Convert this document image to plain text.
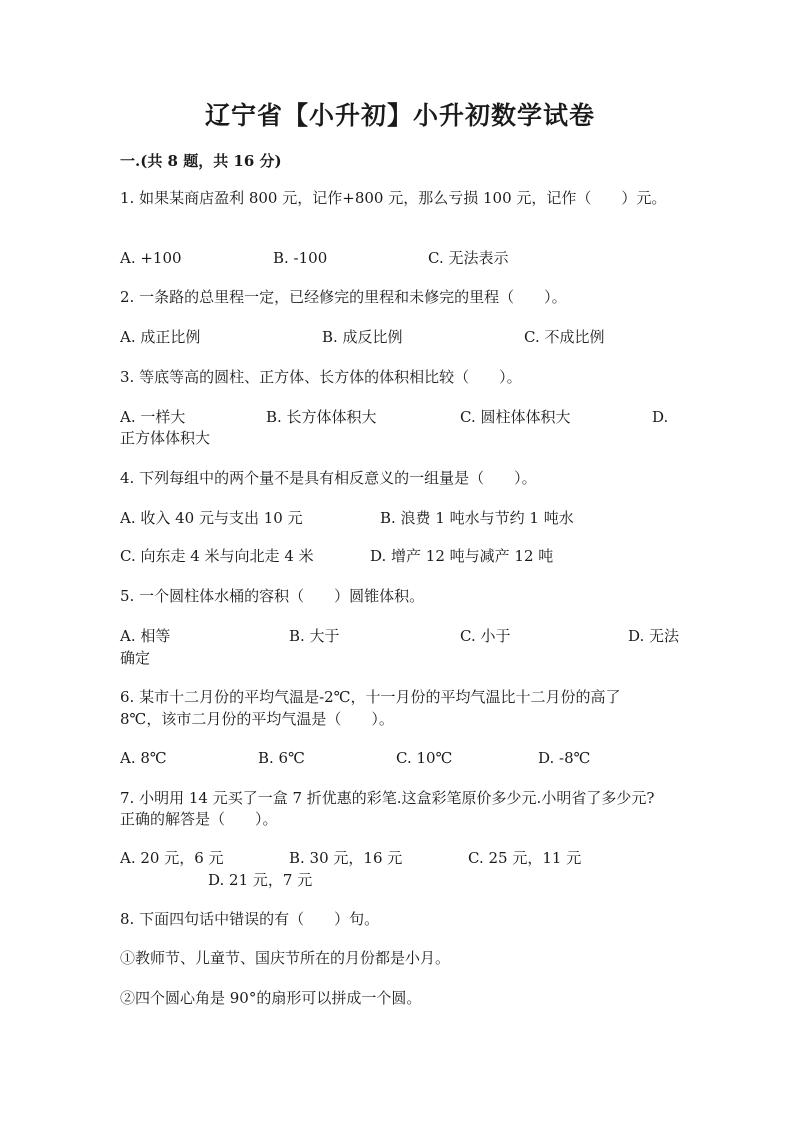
辽宁省【小升初】小升初数学试卷
一.(共 8 题，共 16 分)
1. 如果某商店盈利 800 元，记作+800 元，那么亏损 100 元，记作（　　）元。
A. +100	B. -100	C. 无法表示
2. 一条路的总里程一定，已经修完的里程和未修完的里程（　　）。
A. 成正比例	B. 成反比例	C. 不成比例
3. 等底等高的圆柱、正方体、长方体的体积相比较（　　）。
A. 一样大	B. 长方体体积大	C. 圆柱体体积大	D.
正方体体积大
4. 下列每组中的两个量不是具有相反意义的一组量是（　　）。
A. 收入 40 元与支出 10 元	B. 浪费 1 吨水与节约 1 吨水
C. 向东走 4 米与向北走 4 米	D. 增产 12 吨与减产 12 吨
5. 一个圆柱体水桶的容积（　　）圆锥体积。
A. 相等	B. 大于	C. 小于	D. 无法
确定
6. 某市十二月份的平均气温是-2℃，十一月份的平均气温比十二月份的高了
8℃，该市二月份的平均气温是（　　）。
A. 8℃	B. 6℃	C. 10℃	D. -8℃
7. 小明用 14 元买了一盒 7 折优惠的彩笔.这盒彩笔原价多少元.小明省了多少元?
正确的解答是（　　）。
A. 20 元，6 元	B. 30 元，16 元	C. 25 元，11 元
D. 21 元，7 元
8. 下面四句话中错误的有（　　）句。
①教师节、儿童节、国庆节所在的月份都是小月。
②四个圆心角是 90°的扇形可以拼成一个圆。
